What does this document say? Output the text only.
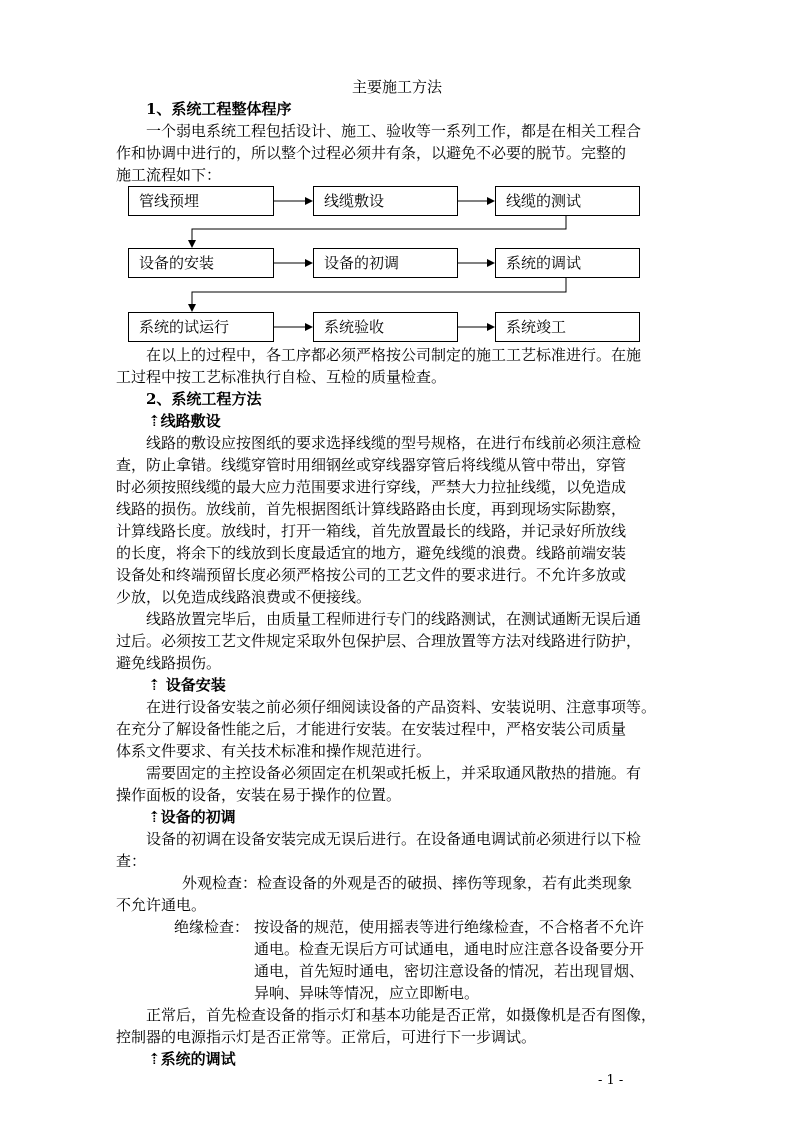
主要施工方法
1、系统工程整体程序
一个弱电系统工程包括设计、施工、验收等一系列工作，都是在相关工程合
作和协调中进行的，所以整个过程必须井有条，以避免不必要的脱节。完整的
施工流程如下：
管线预埋	线缆敷设	线缆的测试
设备的安装	设备的初调	系统的调试
系统的试运行	系统验收	系统竣工
在以上的过程中，各工序都必须严格按公司制定的施工工艺标准进行。在施
工过程中按工艺标准执行自检、互检的质量检查。
2、系统工程方法
⇡线路敷设
线路的敷设应按图纸的要求选择线缆的型号规格，在进行布线前必须注意检
查，防止拿错。线缆穿管时用细钢丝或穿线器穿管后将线缆从管中带出，穿管
时必须按照线缆的最大应力范围要求进行穿线，严禁大力拉扯线缆，以免造成
线路的损伤。放线前，首先根据图纸计算线路路由长度，再到现场实际勘察，
计算线路长度。放线时，打开一箱线，首先放置最长的线路，并记录好所放线
的长度，将余下的线放到长度最适宜的地方，避免线缆的浪费。线路前端安装
设备处和终端预留长度必须严格按公司的工艺文件的要求进行。不允许多放或
少放，以免造成线路浪费或不便接线。
线路放置完毕后，由质量工程师进行专门的线路测试，在测试通断无误后通
过后。必须按工艺文件规定采取外包保护层、合理放置等方法对线路进行防护，
避免线路损伤。
⇡ 设备安装
在进行设备安装之前必须仔细阅读设备的产品资料、安装说明、注意事项等。
在充分了解设备性能之后，才能进行安装。在安装过程中，严格安装公司质量
体系文件要求、有关技术标准和操作规范进行。
需要固定的主控设备必须固定在机架或托板上，并采取通风散热的措施。有
操作面板的设备，安装在易于操作的位置。
⇡设备的初调
设备的初调在设备安装完成无误后进行。在设备通电调试前必须进行以下检
查：
外观检查：检查设备的外观是否的破损、摔伤等现象，若有此类现象
不允许通电。
绝缘检查： 按设备的规范，使用摇表等进行绝缘检查，不合格者不允许
通电。检查无误后方可试通电，通电时应注意各设备要分开
通电，首先短时通电，密切注意设备的情况，若出现冒烟、
异响、异味等情况，应立即断电。
正常后，首先检查设备的指示灯和基本功能是否正常，如摄像机是否有图像，
控制器的电源指示灯是否正常等。正常后，可进行下一步调试。
⇡系统的调试
- 1 -
